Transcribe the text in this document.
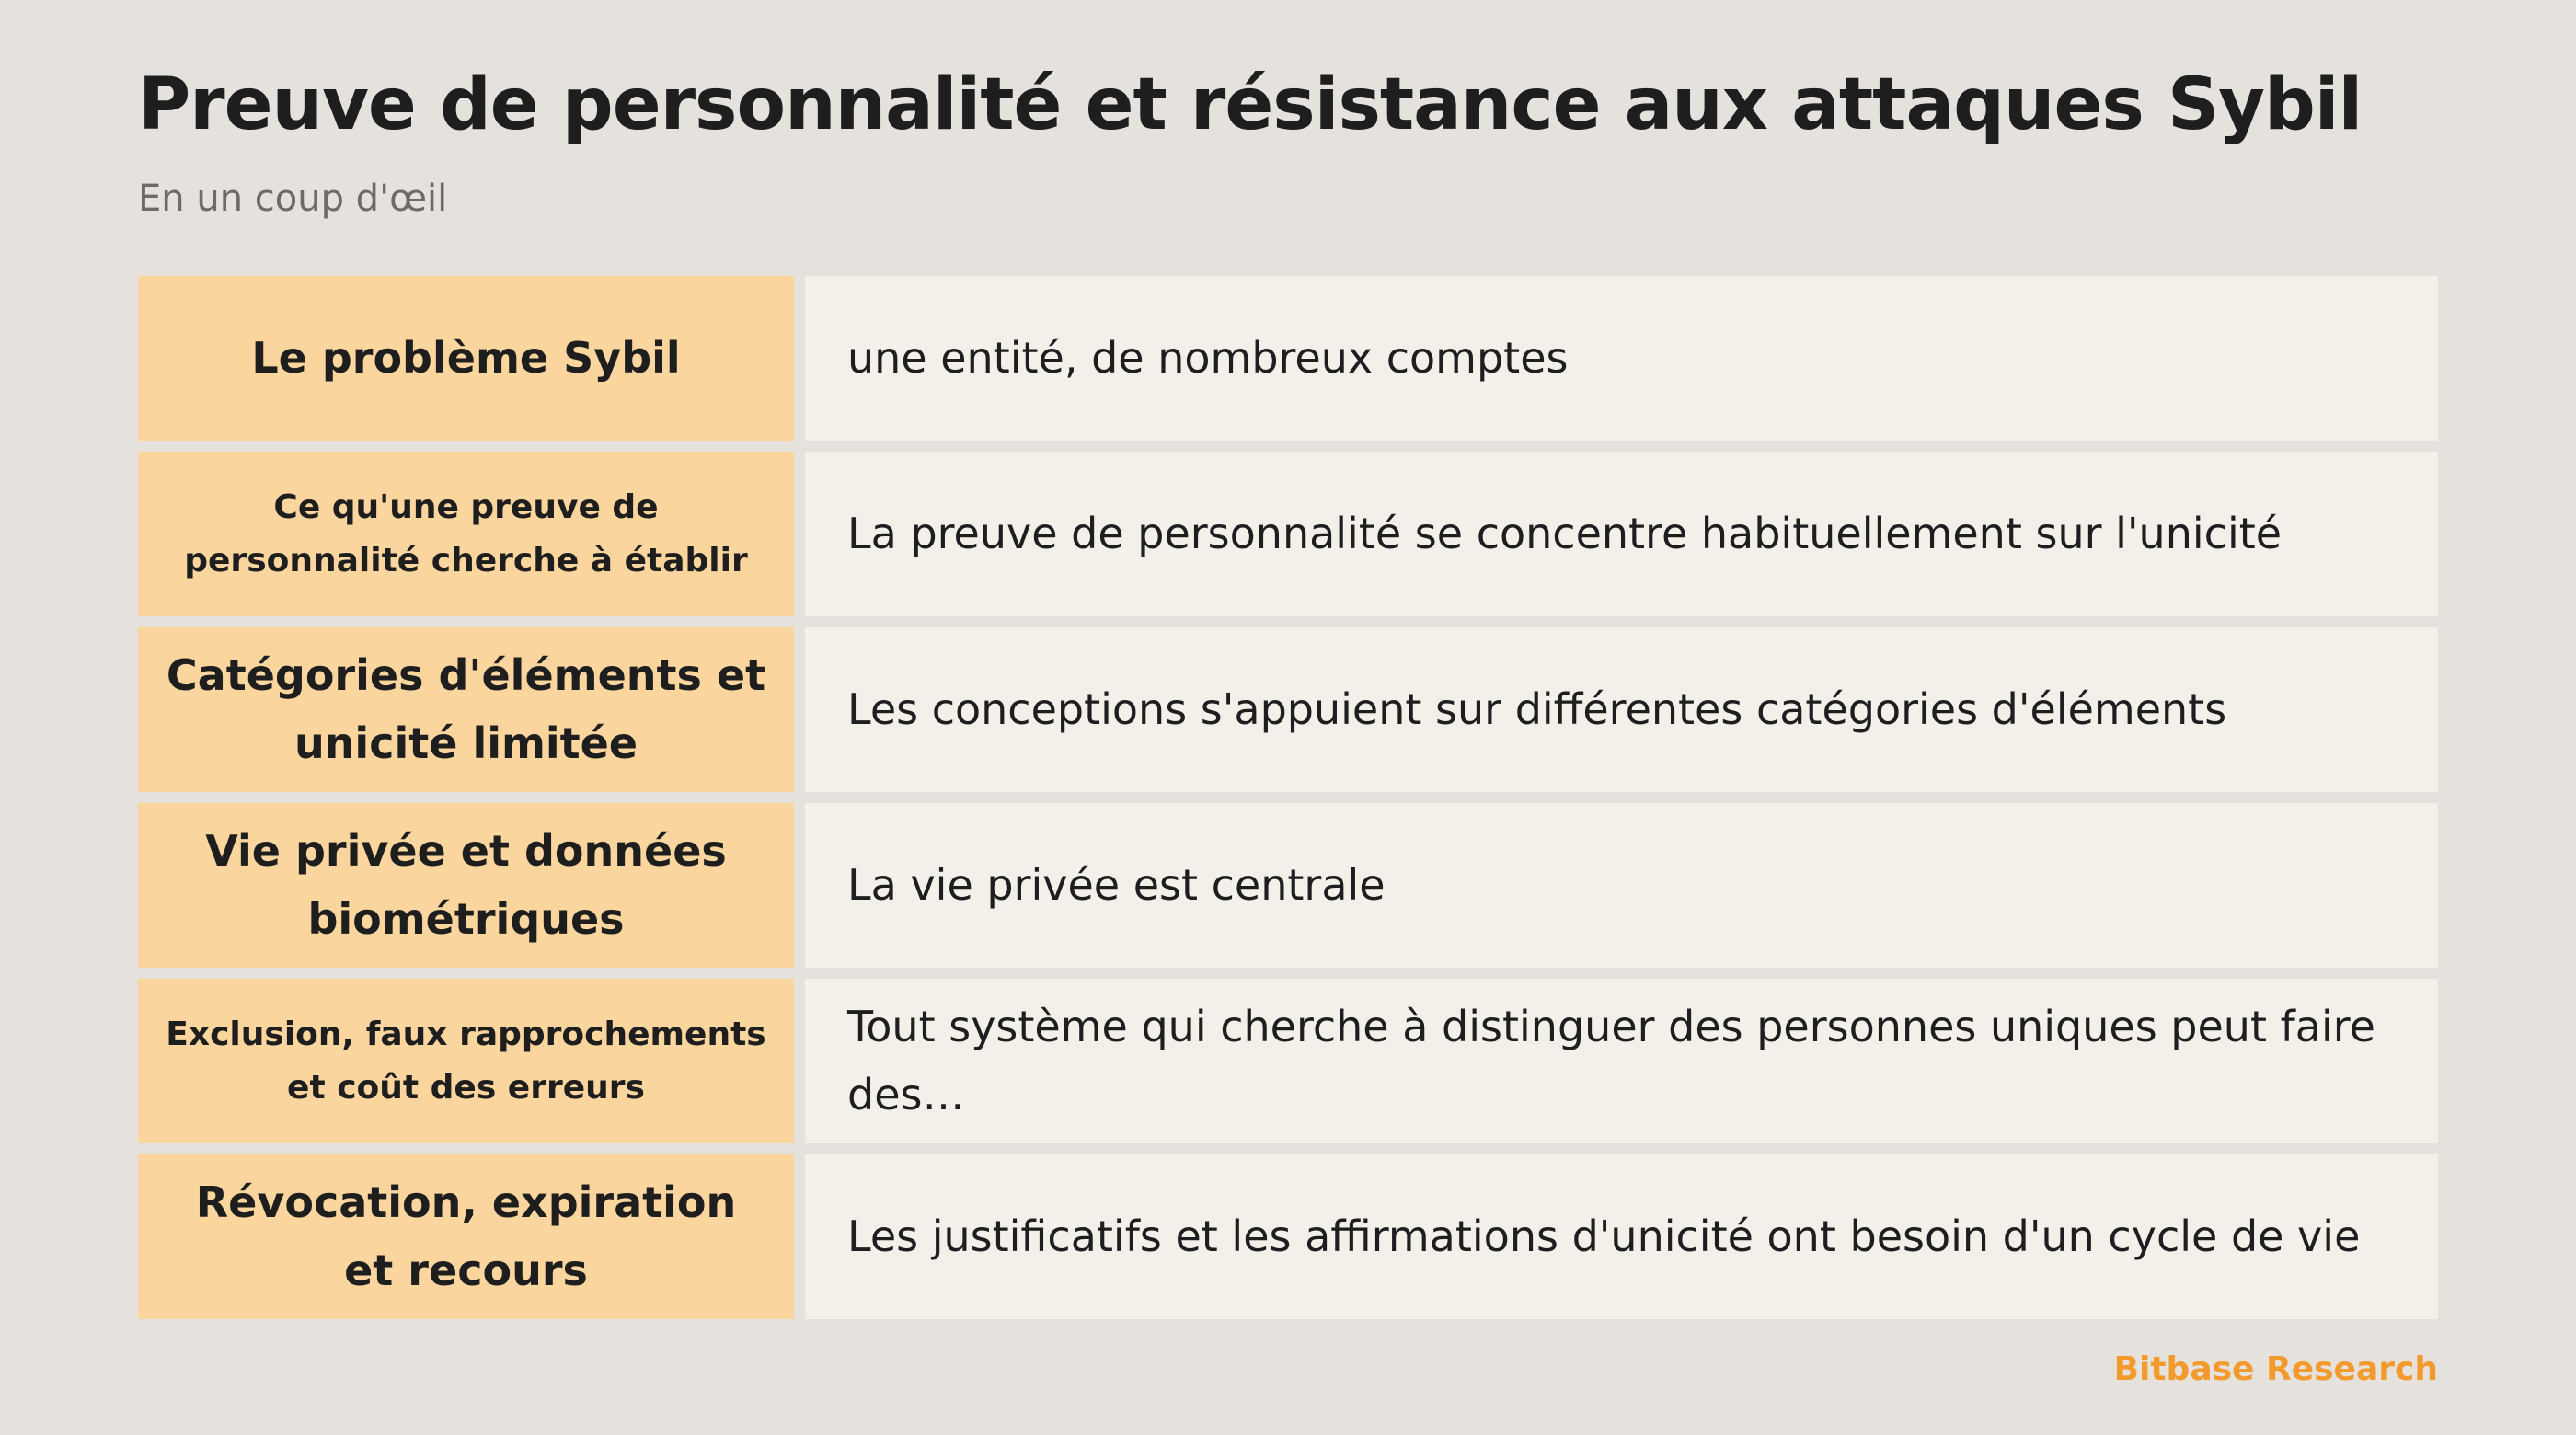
Preuve de personnalité et résistance aux attaques Sybil
En un coup d'œil
Le problème Sybil	une entité, de nombreux comptes
Ce qu'une preuve de personnalité cherche à établir
La preuve de personnalité se concentre habituellement sur l'unicité
Catégories d'éléments et unicité limitée
Les conceptions s'appuient sur différentes catégories d'éléments
Vie privée et données biométriques
La vie privée est centrale
Exclusion, faux rapprochements et coût des erreurs
Tout système qui cherche à distinguer des personnes uniques peut faire des…
Révocation, expiration et recours
Les justificatifs et les affirmations d'unicité ont besoin d'un cycle de vie
Bitbase Research
